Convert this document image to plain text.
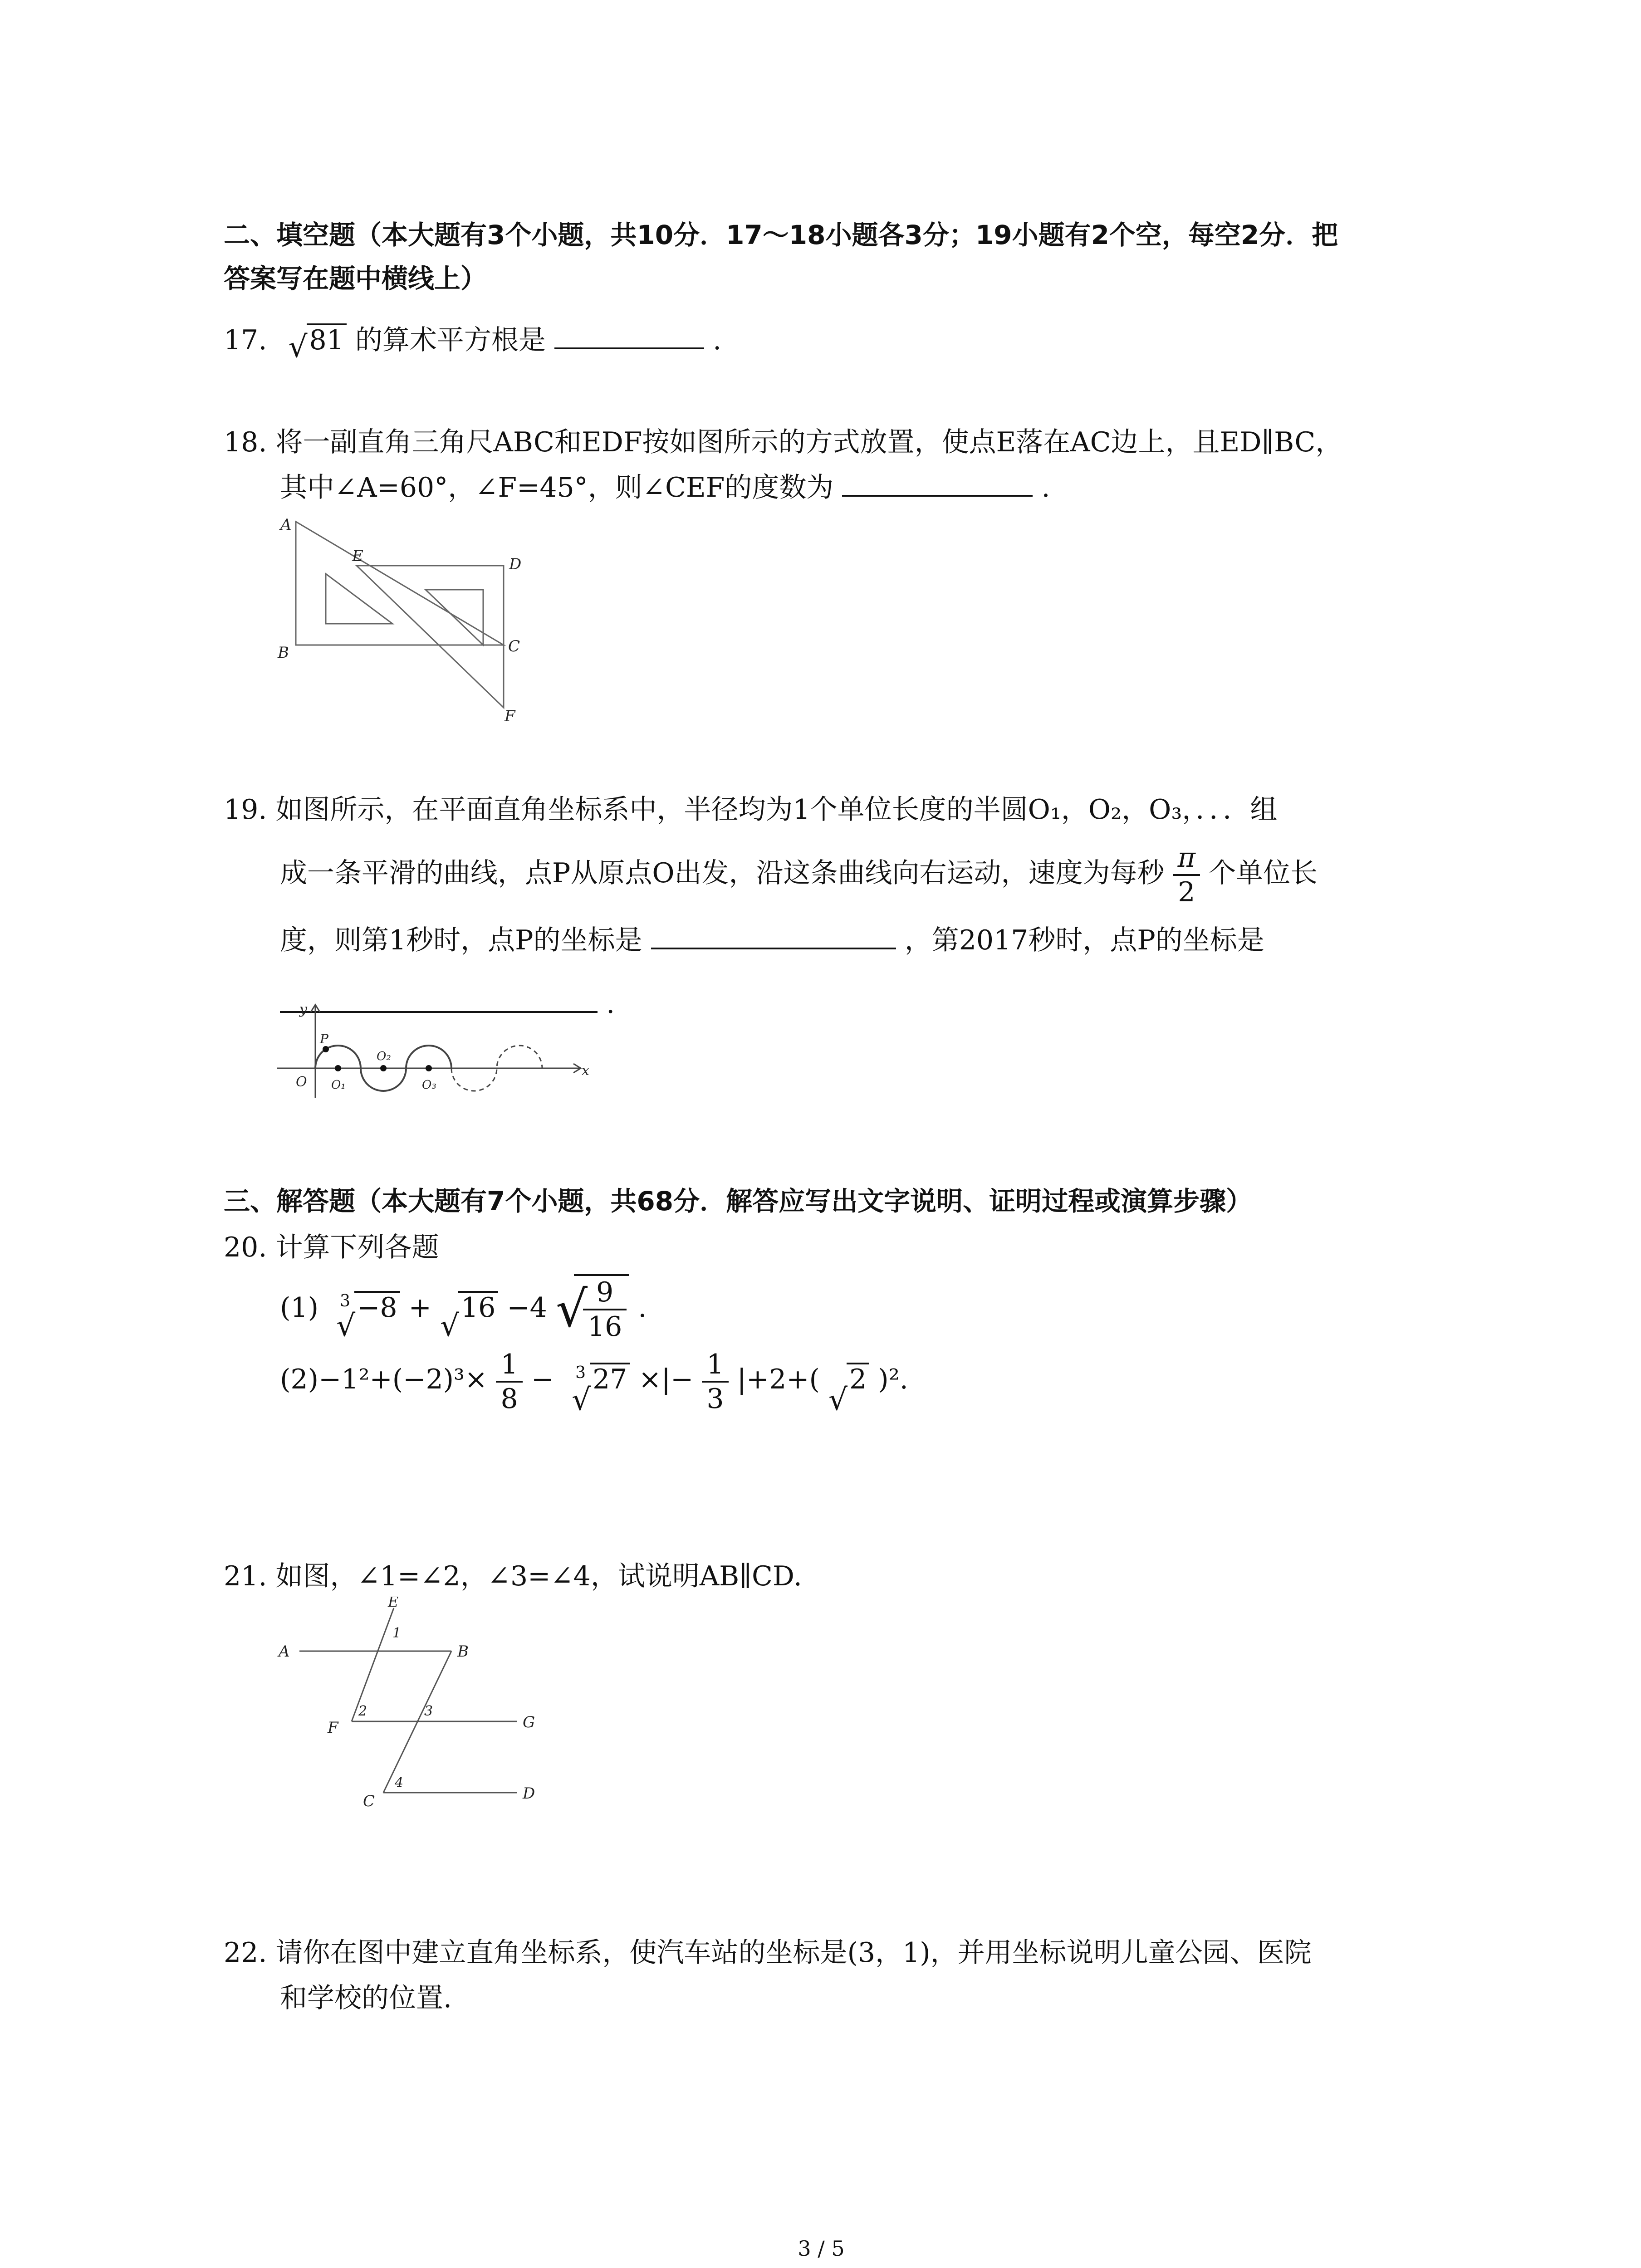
二、填空题（本大题有3个小题，共10分．17～18小题各3分；19小题有2个空，每空2分．把
答案写在题中横线上）
17. √ 81 的算术平方根是	.
18. 将一副直角三角尺ABC和EDF按如图所示的方式放置，使点E落在AC边上，且ED∥BC，
其中∠A=60°，∠F=45°，则∠CEF的度数为	.
A
E	D
B	C
F
19. 如图所示，在平面直角坐标系中，半径均为1个单位长度的半圆O₁，O₂，O₃，．．．组
成一条平滑的曲线，点P从原点O出发，沿这条曲线向右运动，速度为每秒 $\frac{\pi}{2}$ 个单位长
度，则第1秒时，点P的坐标是	，第2017秒时，点P的坐标是
.
y
x
P
O O₁
O₂
O₃
三、解答题（本大题有7个小题，共68分．解答应写出文字说明、证明过程或演算步骤）
20. 计算下列各题
(1) 3
√
−8 +
√
16 −4 √
$\frac{9}{16}$ .
$(2)-1^2+(-2)^3\times \frac{1}{8} - 3$
√
27 ×|− $\frac{1}{3} |+2+$(
√
2 )².
21. 如图，∠1=∠2，∠3=∠4，试说明AB∥CD.
E
1
A	B
2	3
F	G
4
C	D
22. 请你在图中建立直角坐标系，使汽车站的坐标是(3，1)，并用坐标说明儿童公园、医院
和学校的位置.
3 / 5
